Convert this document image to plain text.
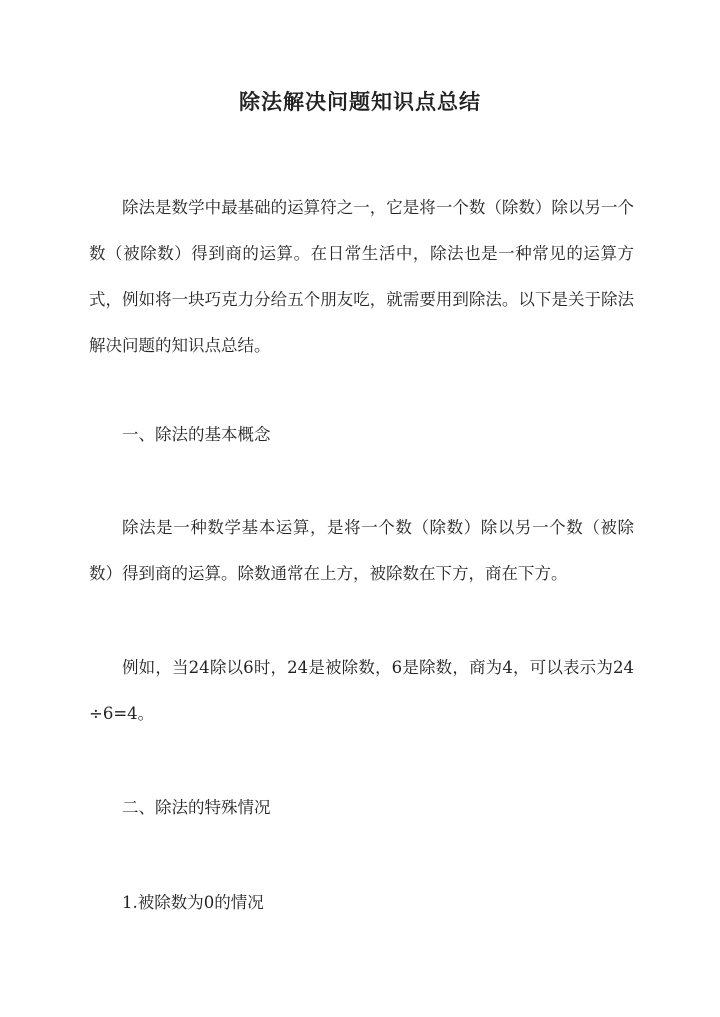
除法解决问题知识点总结

除法是数学中最基础的运算符之一，它是将一个数（除数）除以另一个数（被除数）得到商的运算。在日常生活中，除法也是一种常见的运算方式，例如将一块巧克力分给五个朋友吃，就需要用到除法。以下是关于除法解决问题的知识点总结。

一、除法的基本概念

除法是一种数学基本运算，是将一个数（除数）除以另一个数（被除数）得到商的运算。除数通常在上方，被除数在下方，商在下方。

例如，当24除以6时，24是被除数，6是除数，商为4，可以表示为24÷6=4。

二、除法的特殊情况

1.被除数为0的情况
